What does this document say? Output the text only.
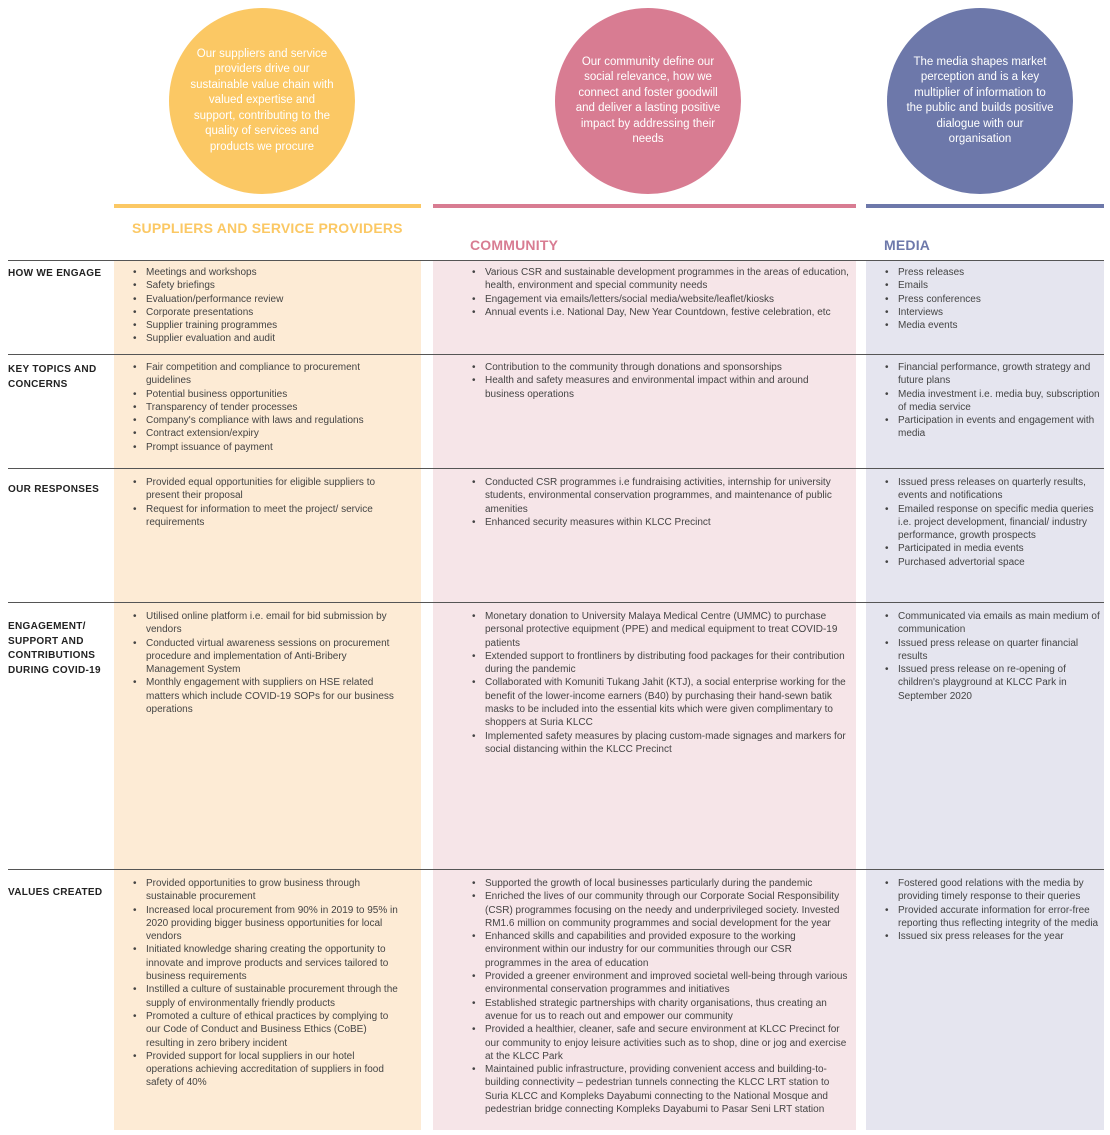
Our suppliers and service providers drive our sustainable value chain with valued expertise and support, contributing to the quality of services and products we procure
Our community define our social relevance, how we connect and foster goodwill and deliver a lasting positive impact by addressing their needs
The media shapes market perception and is a key multiplier of information to the public and builds positive dialogue with our organisation
SUPPLIERS AND SERVICE PROVIDERS
COMMUNITY	MEDIA
HOW WE ENGAGE
KEY TOPICS AND CONCERNS
OUR RESPONSES
ENGAGEMENT/ SUPPORT AND CONTRIBUTIONS DURING COVID-19
VALUES CREATED
• Meetings and workshops
• Safety briefings
• Evaluation/performance review
• Corporate presentations
• Supplier training programmes
• Supplier evaluation and audit
• Various CSR and sustainable development programmes in the areas of education, health, environment and special community needs
• Engagement via emails/letters/social media/website/leaflet/kiosks
• Annual events i.e. National Day, New Year Countdown, festive celebration, etc
• Press releases
• Emails
• Press conferences
• Interviews
• Media events
• Fair competition and compliance to procurement guidelines
• Potential business opportunities
• Transparency of tender processes
• Company's compliance with laws and regulations
• Contract extension/expiry
• Prompt issuance of payment
• Contribution to the community through donations and sponsorships
• Health and safety measures and environmental impact within and around business operations
• Financial performance, growth strategy and future plans
• Media investment i.e. media buy, subscription of media service
• Participation in events and engagement with media
• Provided equal opportunities for eligible suppliers to present their proposal
• Request for information to meet the project/ service requirements
• Conducted CSR programmes i.e fundraising activities, internship for university students, environmental conservation programmes, and maintenance of public amenities
• Enhanced security measures within KLCC Precinct
• Issued press releases on quarterly results, events and notifications
• Emailed response on specific media queries i.e. project development, financial/ industry performance, growth prospects
• Participated in media events
• Purchased advertorial space
• Utilised online platform i.e. email for bid submission by vendors
• Conducted virtual awareness sessions on procurement procedure and implementation of Anti-Bribery Management System
• Monthly engagement with suppliers on HSE related matters which include COVID-19 SOPs for our business operations
• Monetary donation to University Malaya Medical Centre (UMMC) to purchase personal protective equipment (PPE) and medical equipment to treat COVID-19 patients
• Extended support to frontliners by distributing food packages for their contribution during the pandemic
• Collaborated with Komuniti Tukang Jahit (KTJ), a social enterprise working for the benefit of the lower-income earners (B40) by purchasing their hand-sewn batik masks to be included into the essential kits which were given complimentary to shoppers at Suria KLCC
• Implemented safety measures by placing custom-made signages and markers for social distancing within the KLCC Precinct
• Communicated via emails as main medium of communication
• Issued press release on quarter financial results
• Issued press release on re-opening of children's playground at KLCC Park in September 2020
• Provided opportunities to grow business through sustainable procurement
• Increased local procurement from 90% in 2019 to 95% in 2020 providing bigger business opportunities for local vendors
• Initiated knowledge sharing creating the opportunity to innovate and improve products and services tailored to business requirements
• Instilled a culture of sustainable procurement through the supply of environmentally friendly products
• Promoted a culture of ethical practices by complying to our Code of Conduct and Business Ethics (CoBE) resulting in zero bribery incident
• Provided support for local suppliers in our hotel operations achieving accreditation of suppliers in food safety of 40%
• Supported the growth of local businesses particularly during the pandemic
• Enriched the lives of our community through our Corporate Social Responsibility (CSR) programmes focusing on the needy and underprivileged society. Invested RM1.6 million on community programmes and social development for the year
• Enhanced skills and capabilities and provided exposure to the working environment within our industry for our communities through our CSR programmes in the area of education
• Provided a greener environment and improved societal well-being through various environmental conservation programmes and initiatives
• Established strategic partnerships with charity organisations, thus creating an avenue for us to reach out and empower our community
• Provided a healthier, cleaner, safe and secure environment at KLCC Precinct for our community to enjoy leisure activities such as to shop, dine or jog and exercise at the KLCC Park
• Maintained public infrastructure, providing convenient access and building-to-building connectivity – pedestrian tunnels connecting the KLCC LRT station to Suria KLCC and Kompleks Dayabumi connecting to the National Mosque and pedestrian bridge connecting Kompleks Dayabumi to Pasar Seni LRT station
• Fostered good relations with the media by providing timely response to their queries
• Provided accurate information for error-free reporting thus reflecting integrity of the media
• Issued six press releases for the year
